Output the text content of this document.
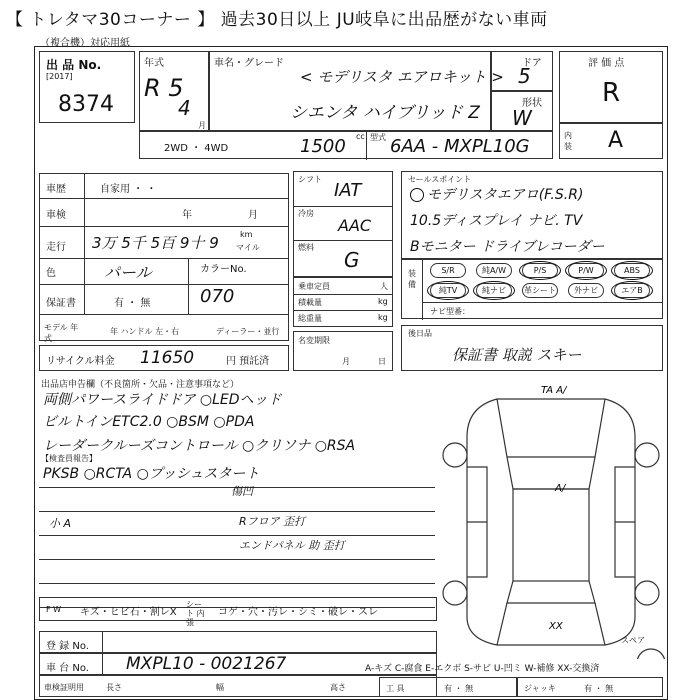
【 トレタマ30コーナー 】 過去30日以上 JU岐阜に出品歴がない車両
（複合機）対応用紙
出 品 No.
[2017]
8374
年式
R 5
4
月
車名・グレード
< モデリスタ エアロキット >
シエンタ ハイブリッド Z
ドア
5
形状
W
評 価 点
R
内装 A
2WD ・ 4WD	1500 cc 型式 6AA - MXPL10G
車歴	自家用 ・ ・
車検	年	月
走行 3万 5千 5百 9十 9	km
マイル
色	パール	カラーNo.
070
保証書	有 ・ 無
モデル 年式
年 ハンドル 左・右	ディーラー・並行
リサイクル料金 11650	円 預託済
シフト
IAT
冷房
AAC
燃料
G
乗車定員	人
積載量	kg
総重量	kg
名変期限
月	日
セールスポイント
モデリスタエアロ(F.S.R)
10.5ディスプレイ ナビ. TV
Bモニター ドライブレコーダー
装備
S/R	純A/W	P/S	P/W	ABS
純TV	純ナビ	革シート	外ナビ	エアB
ナビ型番：
後日品
保証書 取説 スキー
出品店申告欄（不良箇所・欠品・注意事項など）
両側パワースライドドア ○LEDヘッド
ビルトインETC2.0 ○BSM ○PDA
レーダークルーズコントロール ○クリソナ ○RSA
【検査員報告】
PKSB ○RCTA ○プッシュスタート
傷凹
小 A	Rフロア 歪打
エンドパネル 助 歪打
TA A/
A/
XX
スペア
F W キズ・ヒビ石・割レX
シート 内 張
コゲ・穴・汚レ・シミ・破レ・スレ
登 録 No.
車 台 No. MXPL10 - 0021267
車検証明用	長さ	幅	高さ
A-キズ C-腐食 E-エクボ S-サビ U-凹ミ W-補修 XX-交換済
工 具	有 ・ 無	ジャッキ	有 ・ 無
